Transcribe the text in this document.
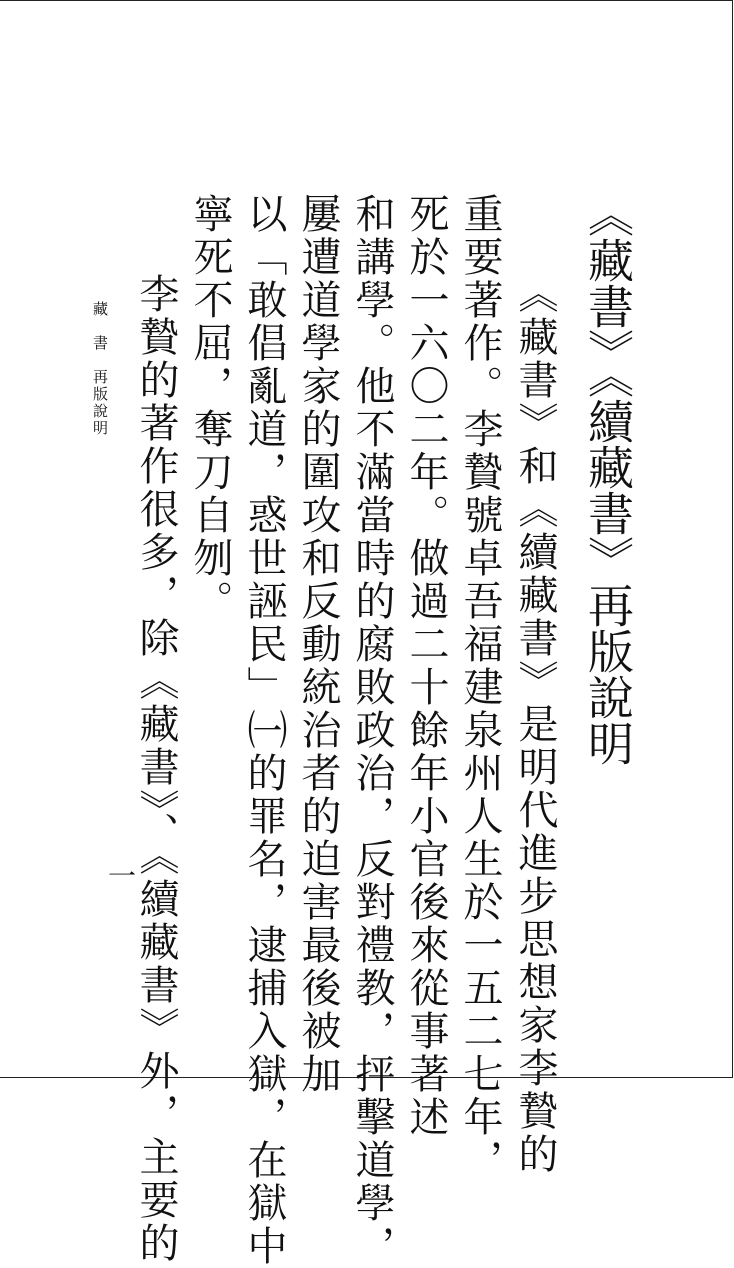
《藏書》《續藏書》再版說明
《藏書》和《續藏書》是明代進步思想家李贄的
重要著作。李贄號卓吾福建泉州人生於一五二七年，
死於一六〇二年。做過二十餘年小官後來從事著述
和講學。他不滿當時的腐敗政治，反對禮教，抨擊道學，
屢遭道學家的圍攻和反動統治者的迫害最後被加
以「敢倡亂道，惑世誣民」㈠的罪名，逮捕入獄，在獄中
寧死不屈，奪刀自刎。
李贄的著作很多，除《藏書》、《續藏書》外，主要的
藏　書　再版說明
一
